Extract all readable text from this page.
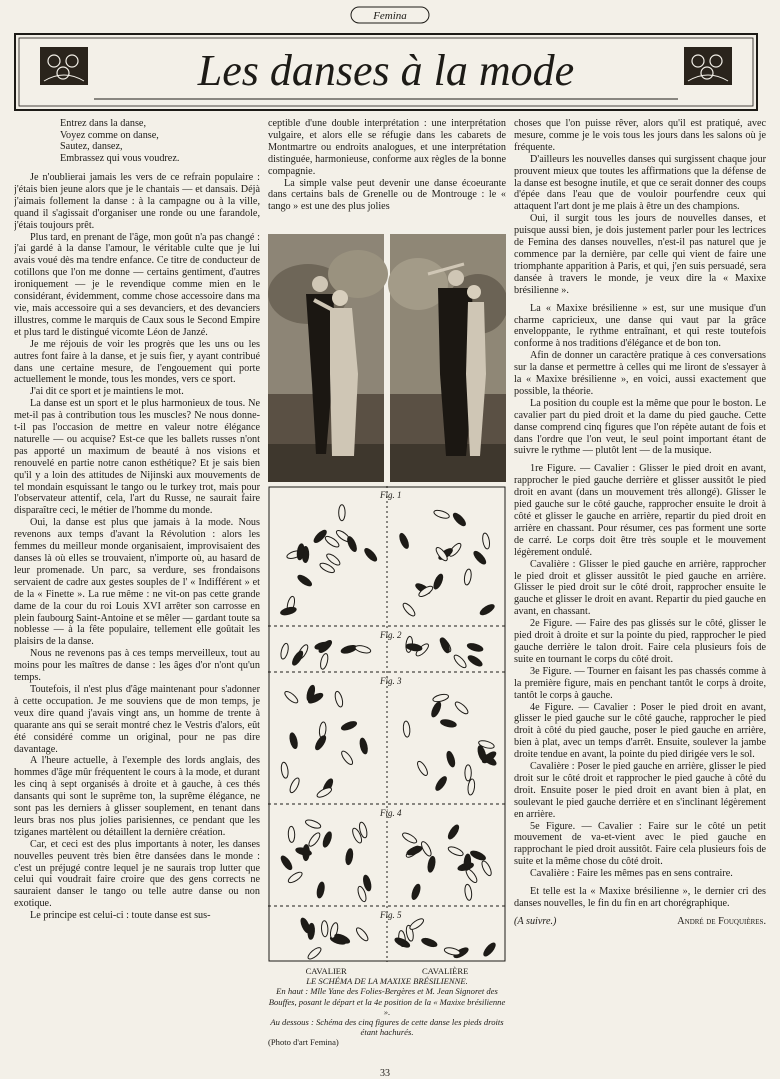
Femina
Les danses à la mode
Entrez dans la danse,
Voyez comme on danse,
Sautez, dansez,
Embrassez qui vous voudrez.

Je n'oublierai jamais les vers de ce refrain populaire : j'étais bien jeune alors que je le chantais — et dansais. Déjà j'aimais follement la danse : à la campagne ou à la ville, quand il s'agissait d'organiser une ronde ou une farandole, j'étais toujours prêt.

Plus tard, en prenant de l'âge, mon goût n'a pas changé : j'ai gardé à la danse l'amour, le véritable culte que je lui avais voué dès ma tendre enfance. Ce titre de conducteur de cotillons que l'on me donne — certains gentiment, d'autres ironiquement — je le revendique comme mien en le considérant, évidemment, comme chose accessoire dans ma vie, mais accessoire qui a ses devanciers, et des devanciers illustres, comme le marquis de Caux sous le Second Empire et plus tard le distingué vicomte Léon de Janzé.

Je me réjouis de voir les progrès que les uns ou les autres font faire à la danse, et je suis fier, y ayant contribué dans une certaine mesure, de l'engouement qui porte actuellement le monde, tous les mondes, vers ce sport.

J'ai dit ce sport et je maintiens le mot.

La danse est un sport et le plus harmonieux de tous. Ne met-il pas à contribution tous les muscles? Ne nous donne-t-il pas l'occasion de mettre en valeur notre élégance naturelle — ou acquise? Est-ce que les ballets russes n'ont pas apporté un maximum de beauté à nos visions et renouvelé en partie notre canon esthétique? Et je sais bien qu'il y a loin des attitudes de Nijinski aux mouvements de tel mondain esquissant le tango ou le turkey trot, mais pour l'observateur attentif, cela, l'art du Russe, ne saurait faire disparaître ceci, le métier de l'homme du monde.

Oui, la danse est plus que jamais à la mode. Nous revenons aux temps d'avant la Révolution : alors les femmes du meilleur monde organisaient, improvisaient des danses là où elles se trouvaient, n'importe où, au hasard de leur promenade. Un parc, sa verdure, ses frondaisons servaient de cadre aux gestes souples de l' « Indifférent » et de la « Finette ». La rue même : ne vit-on pas cette grande dame de la cour du roi Louis XVI arrêter son carrosse en plein faubourg Saint-Antoine et se mêler — gardant toute sa noblesse — à la fête populaire, tellement elle goûtait les plaisirs de la danse.

Nous ne revenons pas à ces temps merveilleux, tout au moins pour les maîtres de danse : les âges d'or n'ont qu'un temps.

Toutefois, il n'est plus d'âge maintenant pour s'adonner à cette occupation. Je me souviens que de mon temps, je veux dire quand j'avais vingt ans, un homme de trente à quarante ans qui se serait montré chez le Vestris d'alors, eût été considéré comme un original, pour ne pas dire davantage.

A l'heure actuelle, à l'exemple des lords anglais, des hommes d'âge mûr fréquentent le cours à la mode, et durant les cinq à sept organisés à droite et à gauche, à ces thés dansants qui sont le suprême ton, la suprême élégance, ne sont pas les derniers à glisser souplement, en tenant dans leurs bras nos plus jolies parisiennes, ce pendant que les tziganes martèlent ou détaillent la dernière création.

Car, et ceci est des plus importants à noter, les danses nouvelles peuvent très bien être dansées dans le monde : c'est un préjugé contre lequel je ne saurais trop lutter que celui qui voudrait faire croire que des gens corrects ne sauraient danser le tango ou telle autre danse ou non exotique.

Le principe est celui-ci : toute danse est sus-

ceptible d'une double interprétation : une interprétation vulgaire, et alors elle se réfugie dans les cabarets de Montmartre ou endroits analogues, et une interprétation distinguée, harmonieuse, conforme aux règles de la bonne compagnie.

La simple valse peut devenir une danse écoeurante dans certains bals de Grenelle ou de Montrouge : le « tango » est une des plus jolies

Fig. 1
Fig. 2
Fig. 3
Fig. 4
Fig. 5
CAVALIER	CAVALIÈRE
LE SCHÉMA DE LA MAXIXE BRÉSILIENNE.
En haut : Mlle Yane des Folies-Bergères et M. Jean Signoret des Bouffes, posant le départ et la 4e position de la « Maxixe brésilienne ».
Au dessous : Schéma des cinq figures de cette danse les pieds droits étant hachurés.
(Photo d'art Femina)

choses que l'on puisse rêver, alors qu'il est pratiqué, avec mesure, comme je le vois tous les jours dans les salons où je fréquente.

D'ailleurs les nouvelles danses qui surgissent chaque jour prouvent mieux que toutes les affirmations que la défense de la danse est besogne inutile, et que ce serait donner des coups d'épée dans l'eau que de vouloir pourfendre ceux qui attaquent l'art dont je me plais à être un des champions.

Oui, il surgit tous les jours de nouvelles danses, et puisque aussi bien, je dois justement parler pour les lectrices de Femina des danses nouvelles, n'est-il pas naturel que je commence par la dernière, par celle qui vient de faire une triomphante apparition à Paris, et qui, j'en suis persuadé, sera dansée à travers le monde, je veux dire la « Maxixe brésilienne ».

La « Maxixe brésilienne » est, sur une musique d'un charme capricieux, une danse qui vaut par la grâce enveloppante, le rythme entraînant, et qui reste toutefois conforme à nos traditions d'élégance et de bon ton.

Afin de donner un caractère pratique à ces conversations sur la danse et permettre à celles qui me liront de s'essayer à la « Maxixe brésilienne », en voici, aussi exactement que possible, la théorie.

La position du couple est la même que pour le boston. Le cavalier part du pied droit et la dame du pied gauche. Cette danse comprend cinq figures que l'on répète autant de fois et dans l'ordre que l'on veut, le seul point important étant de suivre le rythme — plutôt lent — de la musique.

1re Figure. — Cavalier : Glisser le pied droit en avant, rapprocher le pied gauche derrière et glisser aussitôt le pied droit en avant (dans un mouvement très allongé). Glisser le pied gauche sur le côté gauche, rapprocher ensuite le droit à côté et glisser le gauche en arrière, repartir du pied droit en arrière en chassant. Pour résumer, ces pas forment une sorte de carré. Le corps doit être très souple et le mouvement légèrement ondulé.

Cavalière : Glisser le pied gauche en arrière, rapprocher le pied droit et glisser aussitôt le pied gauche en arrière. Glisser le pied droit sur le côté droit, rapprocher ensuite le gauche et glisser le droit en avant. Repartir du pied gauche en avant, en chassant.

2e Figure. — Faire des pas glissés sur le côté, glisser le pied droit à droite et sur la pointe du pied, rapprocher le pied gauche derrière le talon droit. Faire cela plusieurs fois de suite en tournant le corps du côté droit.

3e Figure. — Tourner en faisant les pas chassés comme à la première figure, mais en penchant tantôt le corps à droite, tantôt le corps à gauche.

4e Figure. — Cavalier : Poser le pied droit en avant, glisser le pied gauche sur le côté gauche, rapprocher le pied droit à côté du pied gauche, poser le pied gauche en arrière, bien à plat, avec un temps d'arrêt. Ensuite, soulever la jambe droite tendue en avant, la pointe du pied dirigée vers le sol.

Cavalière : Poser le pied gauche en arrière, glisser le pied droit sur le côté droit et rapprocher le pied gauche à côté du droit. Ensuite poser le pied droit en avant bien à plat, en soulevant le pied gauche derrière et en s'inclinant légèrement en arrière.

5e Figure. — Cavalier : Faire sur le côté un petit mouvement de va-et-vient avec le pied gauche en rapprochant le pied droit aussitôt. Faire cela plusieurs fois de suite et la même chose du côté droit.

Cavalière : Faire les mêmes pas en sens contraire.

Et telle est la « Maxixe brésilienne », le dernier cri des danses nouvelles, le fin du fin en art chorégraphique.

(A suivre.)	André de Fouquières.
33
